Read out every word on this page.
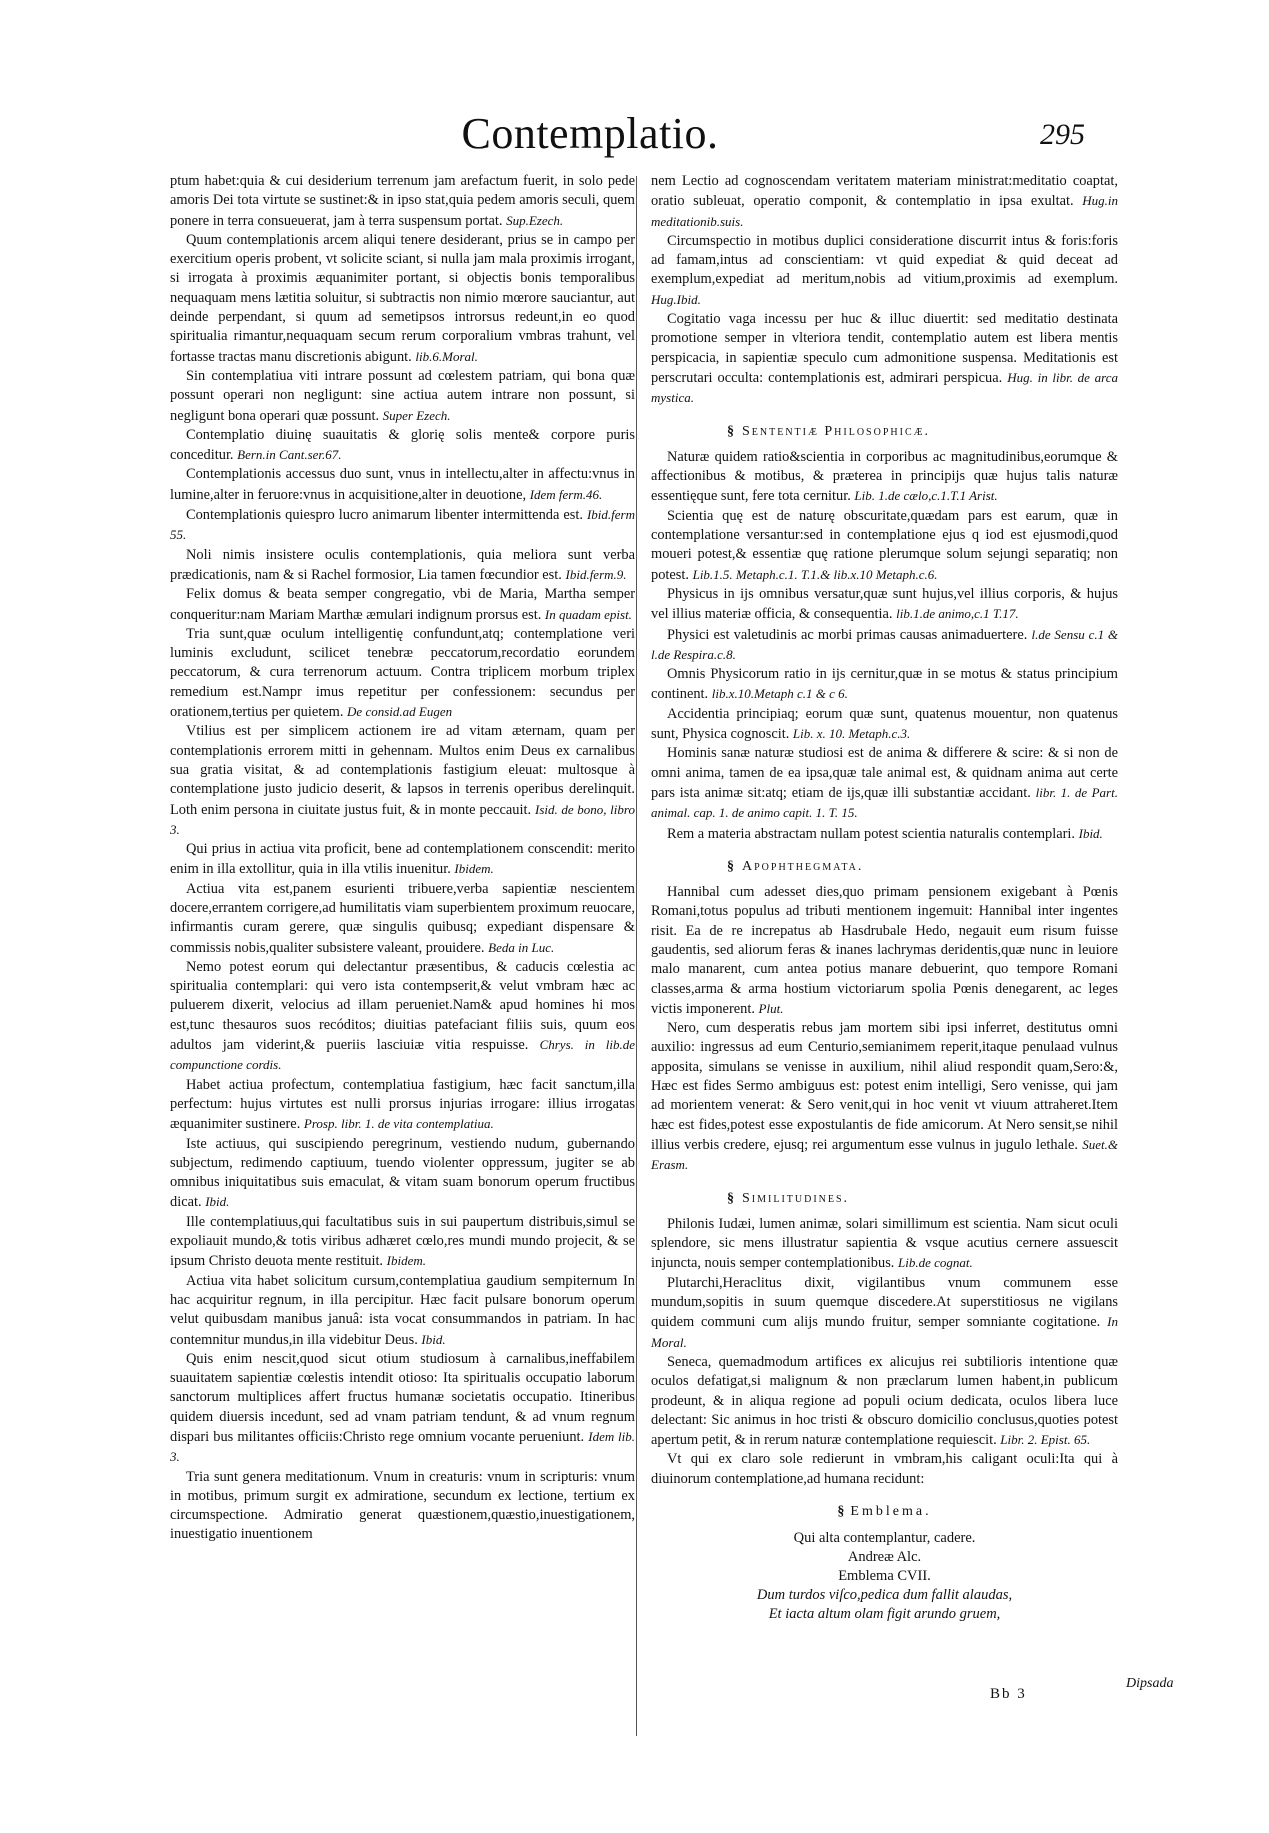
Contemplatio.	295

ptum habet:quia & cui desiderium terrenum jam arefactum fuerit, in solo pede amoris Dei tota virtute se sustinet:& in ipso stat,quia pedem amoris seculi, quem ponere in terra consueuerat, jam à terra suspensum portat. Sup.Ezech.

Quum contemplationis arcem aliqui tenere desiderant, prius se in campo per exercitium operis probent, vt solicite sciant, si nulla jam mala proximis irrogant, si irrogata à proximis æquanimiter portant, si objectis bonis temporalibus nequaquam mens lætitia soluitur, si subtractis non nimio mœrore sauciantur, aut deinde perpendant, si quum ad semetipsos introrsus redeunt,in eo quod spiritualia rimantur,nequaquam secum rerum corporalium vmbras trahunt, vel fortasse tractas manu discretionis abigunt. lib.6.Moral.

Sin contemplatiua viti intrare possunt ad cœlestem patriam, qui bona quæ possunt operari non negligunt: sine actiua autem intrare non possunt, si negligunt bona operari quæ possunt. Super Ezech.

Contemplatio diuinę suauitatis & glorię solis mente& corpore puris conceditur. Bern.in Cant.ser.67.

Contemplationis accessus duo sunt, vnus in intellectu,alter in affectu:vnus in lumine,alter in feruore:vnus in acquisitione,alter in deuotione, Idem ferm.46.

Contemplationis quiespro lucro animarum libenter intermittenda est. Ibid.ferm 55.

Noli nimis insistere oculis contemplationis, quia meliora sunt verba prædicationis, nam & si Rachel formosior, Lia tamen fœcundior est. Ibid.ferm.9.

Felix domus & beata semper congregatio, vbi de Maria, Martha semper conqueritur:nam Mariam Marthæ æmulari indignum prorsus est. In quadam epist.

Tria sunt,quæ oculum intelligentię confundunt,atq; contemplatione veri luminis excludunt, scilicet tenebræ peccatorum,recordatio eorundem peccatorum, & cura terrenorum actuum. Contra triplicem morbum triplex remedium est.Nampr imus repetitur per confessionem: secundus per orationem,tertius per quietem. De consid.ad Eugen

Vtilius est per simplicem actionem ire ad vitam æternam, quam per contemplationis errorem mitti in gehennam. Multos enim Deus ex carnalibus sua gratia visitat, & ad contemplationis fastigium eleuat: multosque à contemplatione justo judicio deserit, & lapsos in terrenis operibus derelinquit. Loth enim persona in ciuitate justus fuit, & in monte peccauit. Isid. de bono, libro 3.

Qui prius in actiua vita proficit, bene ad contemplationem conscendit: merito enim in illa extollitur, quia in illa vtilis inuenitur. Ibidem.

Actiua vita est,panem esurienti tribuere,verba sapientiæ nescientem docere,errantem corrigere,ad humilitatis viam superbientem proximum reuocare, infirmantis curam gerere, quæ singulis quibusq; expediant dispensare & commissis nobis,qualiter subsistere valeant, prouidere. Beda in Luc.

Nemo potest eorum qui delectantur præsentibus, & caducis cœlestia ac spiritualia contemplari: qui vero ista contempserit,& velut vmbram hæc ac puluerem dixerit, velocius ad illam perueniet.Nam& apud homines hi mos est,tunc thesauros suos recóditos; diuitias patefaciant filiis suis, quum eos adultos jam viderint,& pueriis lasciuiæ vitia respuisse. Chrys. in lib.de compunctione cordis.

Habet actiua profectum, contemplatiua fastigium, hæc facit sanctum,illa perfectum: hujus virtutes est nulli prorsus injurias irrogare: illius irrogatas æquanimiter sustinere. Prosp. libr. 1. de vita contemplatiua.

Iste actiuus, qui suscipiendo peregrinum, vestiendo nudum, gubernando subjectum, redimendo captiuum, tuendo violenter oppressum, jugiter se ab omnibus iniquitatibus suis emaculat, & vitam suam bonorum operum fructibus dicat. Ibid.

Ille contemplatiuus,qui facultatibus suis in sui paupertum distribuis,simul se expoliauit mundo,& totis viribus adhæret cœlo,res mundi mundo projecit, & se ipsum Christo deuota mente restituit. Ibidem.

Actiua vita habet solicitum cursum,contemplatiua gaudium sempiternum In hac acquiritur regnum, in illa percipitur. Hæc facit pulsare bonorum operum velut quibusdam manibus januâ: ista vocat consummandos in patriam. In hac contemnitur mundus,in illa videbitur Deus. Ibid.

Quis enim nescit,quod sicut otium studiosum à carnalibus,ineffabilem suauitatem sapientiæ cœlestis intendit otioso: Ita spiritualis occupatio laborum sanctorum multiplices affert fructus humanæ societatis occupatio. Itineribus quidem diuersis incedunt, sed ad vnam patriam tendunt, & ad vnum regnum dispari bus militantes officiis:Christo rege omnium vocante perueniunt. Idem lib. 3.

Tria sunt genera meditationum. Vnum in creaturis: vnum in scripturis: vnum in motibus, primum surgit ex admiratione, secundum ex lectione, tertium ex circumspectione. Admiratio generat quæstionem,quæstio,inuestigationem, inuestigatio inuentionem

nem Lectio ad cognoscendam veritatem materiam ministrat:meditatio coaptat, oratio subleuat, operatio componit, & contemplatio in ipsa exultat. Hug.in meditationib.suis.

Circumspectio in motibus duplici consideratione discurrit intus & foris:foris ad famam,intus ad conscientiam: vt quid expediat & quid deceat ad exemplum,expediat ad meritum,nobis ad vitium,proximis ad exemplum. Hug.Ibid.

Cogitatio vaga incessu per huc & illuc diuertit: sed meditatio destinata promotione semper in vlteriora tendit, contemplatio autem est libera mentis perspicacia, in sapientiæ speculo cum admonitione suspensa. Meditationis est perscrutari occulta: contemplationis est, admirari perspicua. Hug. in libr. de arca mystica.

§ Sententiæ Philosophicæ.

Naturæ quidem ratio&scientia in corporibus ac magnitudinibus,eorumque & affectionibus & motibus, & præterea in principijs quæ hujus talis naturæ essentięque sunt, fere tota cernitur. Lib. 1.de cælo,c.1.T.1 Arist.

Scientia quę est de naturę obscuritate,quædam pars est earum, quæ in contemplatione versantur:sed in contemplatione ejus q iod est ejusmodi,quod moueri potest,& essentiæ quę ratione plerumque solum sejungi separatiq; non potest. Lib.1.5. Metaph.c.1. T.1.& lib.x.10 Metaph.c.6.

Physicus in ijs omnibus versatur,quæ sunt hujus,vel illius corporis, & hujus vel illius materiæ officia, & consequentia. lib.1.de animo,c.1 T.17.

Physici est valetudinis ac morbi primas causas animaduertere. l.de Sensu c.1 & l.de Respira.c.8.

Omnis Physicorum ratio in ijs cernitur,quæ in se motus & status principium continent. lib.x.10.Metaph c.1 & c 6.

Accidentia principiaq; eorum quæ sunt, quatenus mouentur, non quatenus sunt, Physica cognoscit. Lib. x. 10. Metaph.c.3.

Hominis sanæ naturæ studiosi est de anima & differere & scire: & si non de omni anima, tamen de ea ipsa,quæ tale animal est, & quidnam anima aut certe pars ista animæ sit:atq; etiam de ijs,quæ illi substantiæ accidant. libr. 1. de Part. animal. cap. 1. de animo capit. 1. T. 15.

Rem a materia abstractam nullam potest scientia naturalis contemplari. Ibid.

§ Apophthegmata.

Hannibal cum adesset dies,quo primam pensionem exigebant à Pœnis Romani,totus populus ad tributi mentionem ingemuit: Hannibal inter ingentes risit. Ea de re increpatus ab Hasdrubale Hedo, negauit eum risum fuisse gaudentis, sed aliorum feras & inanes lachrymas deridentis,quæ nunc in leuiore malo manarent, cum antea potius manare debuerint, quo tempore Romani classes,arma & arma hostium victoriarum spolia Pœnis denegarent, ac leges victis imponerent. Plut.

Nero, cum desperatis rebus jam mortem sibi ipsi inferret, destitutus omni auxilio: ingressus ad eum Centurio,semianimem reperit,itaque penulaad vulnus apposita, simulans se venisse in auxilium, nihil aliud respondit quam,Sero:&, Hæc est fides Sermo ambiguus est: potest enim intelligi, Sero venisse, qui jam ad morientem venerat: & Sero venit,qui in hoc venit vt viuum attraheret.Item hæc est fides,potest esse expostulantis de fide amicorum. At Nero sensit,se nihil illius verbis credere, ejusq; rei argumentum esse vulnus in jugulo lethale. Suet.& Erasm.

§ Similitudines.

Philonis Iudæi, lumen animæ, solari simillimum est scientia. Nam sicut oculi splendore, sic mens illustratur sapientia & vsque acutius cernere assuescit injuncta, nouis semper contemplationibus. Lib.de cognat.

Plutarchi,Heraclitus dixit, vigilantibus vnum communem esse mundum,sopitis in suum quemque discedere.At superstitiosus ne vigilans quidem communi cum alijs mundo fruitur, semper somniante cogitatione. In Moral.

Seneca, quemadmodum artifices ex alicujus rei subtilioris intentione quæ oculos defatigat,si malignum & non præclarum lumen habent,in publicum prodeunt, & in aliqua regione ad populi ocium dedicata, oculos libera luce delectant: Sic animus in hoc tristi & obscuro domicilio conclusus,quoties potest apertum petit, & in rerum naturæ contemplatione requiescit. Libr. 2. Epist. 65.

Vt qui ex claro sole redierunt in vmbram,his caligant oculi:Ita qui à diuinorum contemplatione,ad humana recidunt:

§ Emblema.

Qui alta contemplantur, cadere.

Andreæ Alc.

Emblema CVII.

Dum turdos viſco,pedica dum fallit alaudas,

Et iacta altum olam figit arundo gruem,

Bb 3
Dipsada
